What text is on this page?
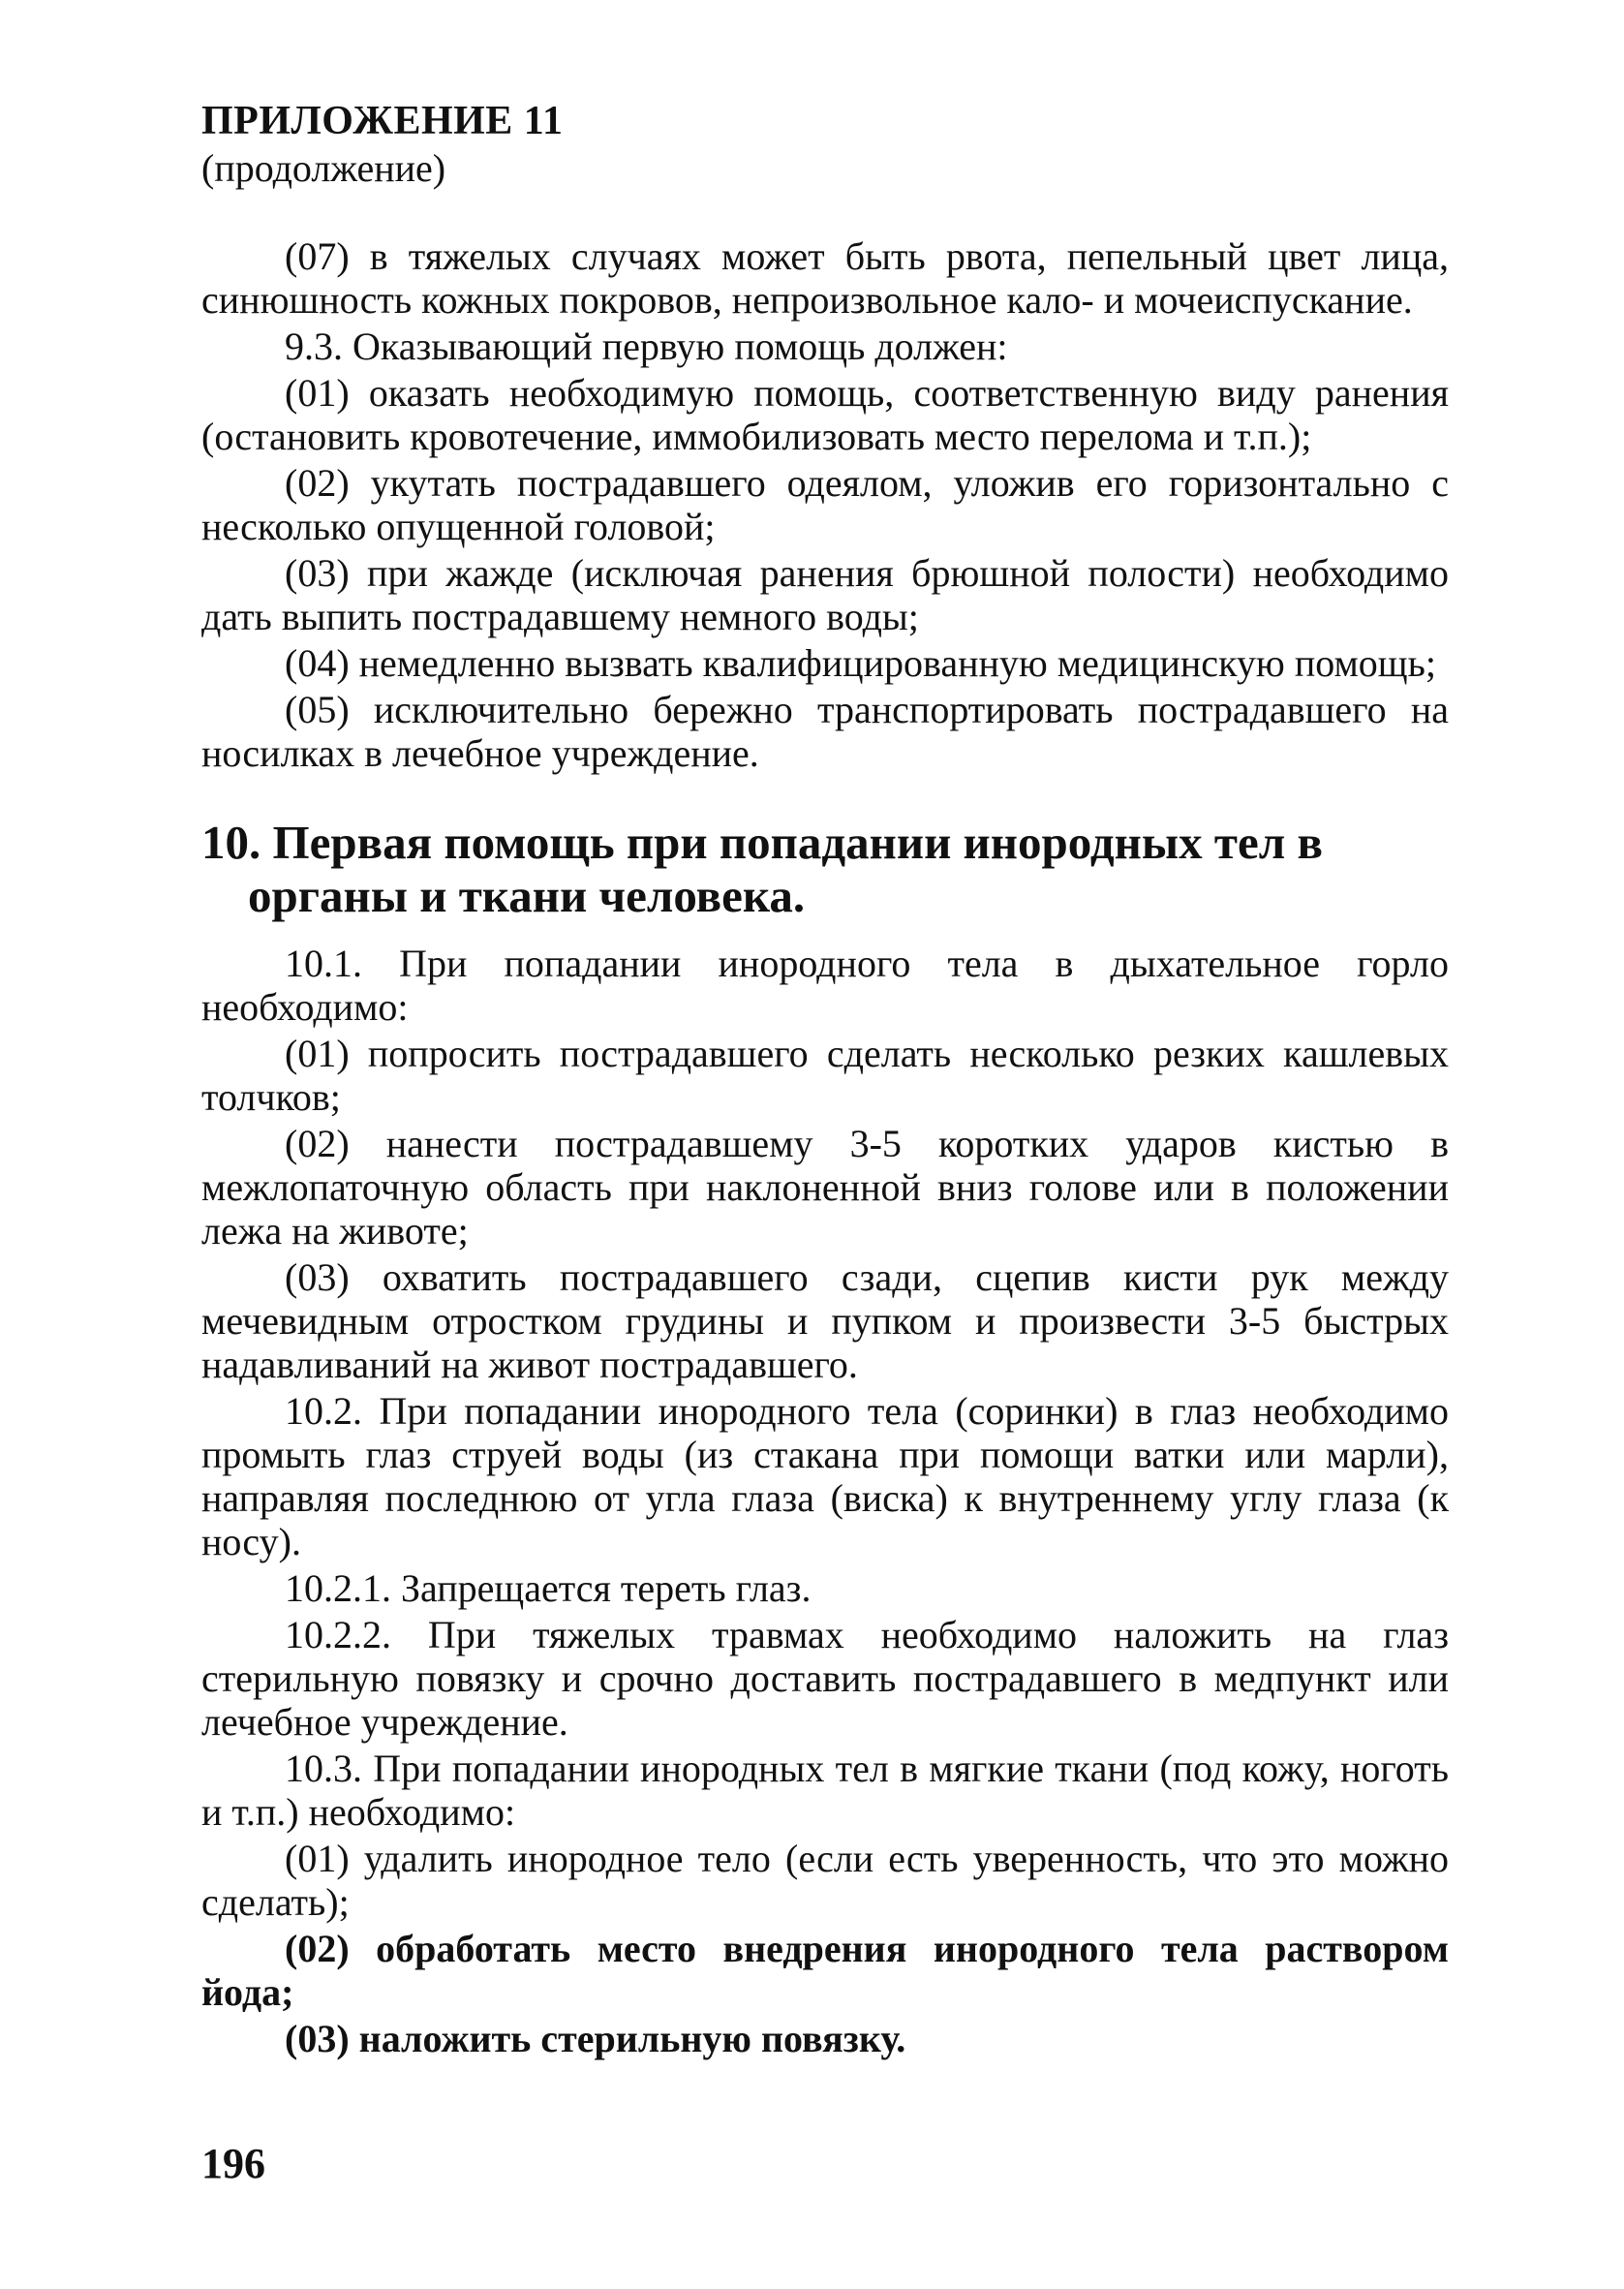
ПРИЛОЖЕНИЕ 11
(продолжение)

(07) в тяжелых случаях может быть рвота, пепельный цвет лица, синюшность кожных покровов, непроизвольное кало- и мочеиспускание.

9.3. Оказывающий первую помощь должен:

(01) оказать необходимую помощь, соответственную виду ранения (остановить кровотечение, иммобилизовать место перелома и т.п.);

(02) укутать пострадавшего одеялом, уложив его горизонтально с несколько опущенной головой;

(03) при жажде (исключая ранения брюшной полости) необходимо дать выпить пострадавшему немного воды;

(04) немедленно вызвать квалифицированную медицинскую помощь;

(05) исключительно бережно транспортировать пострадавшего на носилках в лечебное учреждение.

10. Первая помощь при попадании инородных тел в органы и ткани человека.

10.1. При попадании инородного тела в дыхательное горло необходимо:

(01) попросить пострадавшего сделать несколько резких кашлевых толчков;

(02) нанести пострадавшему 3-5 коротких ударов кистью в межлопаточную область при наклоненной вниз голове или в положении лежа на животе;

(03) охватить пострадавшего сзади, сцепив кисти рук между мечевидным отростком грудины и пупком и произвести 3-5 быстрых надавливаний на живот пострадавшего.

10.2. При попадании инородного тела (соринки) в глаз необходимо промыть глаз струей воды (из стакана при помощи ватки или марли), направляя последнюю от угла глаза (виска) к внутреннему углу глаза (к носу).

10.2.1. Запрещается тереть глаз.

10.2.2. При тяжелых травмах необходимо наложить на глаз стерильную повязку и срочно доставить пострадавшего в медпункт или лечебное учреждение.

10.3. При попадании инородных тел в мягкие ткани (под кожу, ноготь и т.п.) необходимо:

(01) удалить инородное тело (если есть уверенность, что это можно сделать);

(02) обработать место внедрения инородного тела раствором йода;

(03) наложить стерильную повязку.

196
